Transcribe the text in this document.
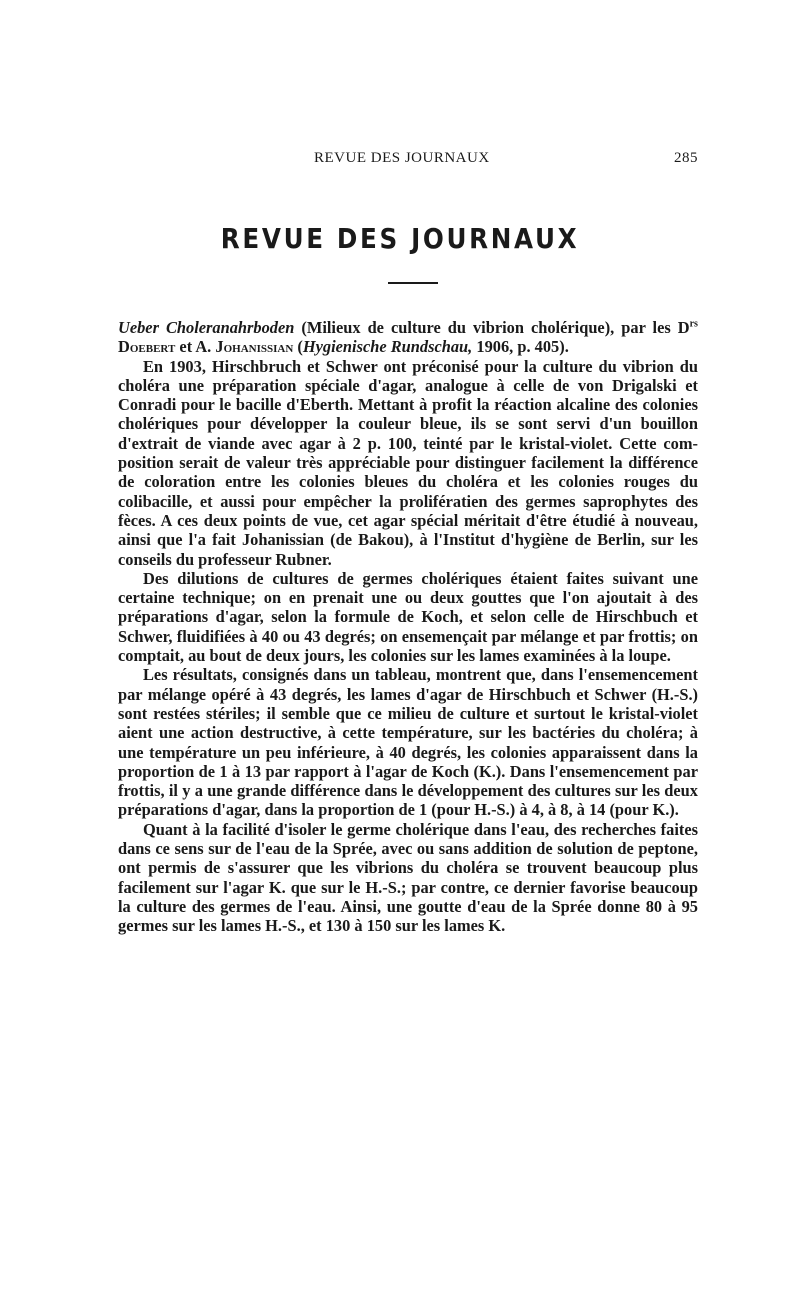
REVUE DES JOURNAUX	285
REVUE DES JOURNAUX

Ueber Choleranahrboden (Milieux de culture du vibrion cholérique), par les $D^{rs}$ Doebert et A. Johanissian (Hygienische Rundschau, 1906, p. 405).

En 1903, Hirschbruch et Schwer ont préconisé pour la culture du vibrion du choléra une préparation spéciale d'agar, analogue à celle de von Drigalski et Conradi pour le bacille d'Eberth. Mettant à profit la réaction alcaline des colonies cholériques pour développer la couleur bleue, ils se sont servi d'un bouillon d'extrait de viande avec agar à 2 p. 100, teinté par le kristal-violet. Cette composition serait de valeur très appréciable pour distinguer facilement la différence de coloration entre les colonies bleues du choléra et les colonies rouges du colibacille, et aussi pour empêcher la prolifératien des germes saprophytes des fèces. A ces deux points de vue, cet agar spécial méritait d'être étudié à nouveau, ainsi que l'a fait Johanissian (de Bakou), à l'Institut d'hygiène de Berlin, sur les conseils du professeur Rubner.

Des dilutions de cultures de germes cholériques étaient faites suivant une certaine technique; on en prenait une ou deux gouttes que l'on ajoutait à des préparations d'agar, selon la formule de Koch, et selon celle de Hirschbuch et Schwer, fluidifiées à 40 ou 43 degrés; on ensemençait par mélange et par frottis; on comptait, au bout de deux jours, les colonies sur les lames examinées à la loupe.

Les résultats, consignés dans un tableau, montrent que, dans l'ensemencement par mélange opéré à 43 degrés, les lames d'agar de Hirschbuch et Schwer (H.-S.) sont restées stériles; il semble que ce milieu de culture et surtout le kristal-violet aient une action destructive, à cette température, sur les bactéries du choléra; à une température un peu inférieure, à 40 degrés, les colonies apparaissent dans la proportion de 1 à 13 par rapport à l'agar de Koch (K.). Dans l'ensemencement par frottis, il y a une grande différence dans le développement des cultures sur les deux préparations d'agar, dans la proportion de 1 (pour H.-S.) à 4, à 8, à 14 (pour K.).

Quant à la facilité d'isoler le germe cholérique dans l'eau, des recherches faites dans ce sens sur de l'eau de la Sprée, avec ou sans addition de solution de peptone, ont permis de s'assurer que les vibrions du choléra se trouvent beaucoup plus facilement sur l'agar K. que sur le H.-S.; par contre, ce dernier favorise beaucoup la culture des germes de l'eau. Ainsi, une goutte d'eau de la Sprée donne 80 à 95 germes sur les lames H.-S., et 130 à 150 sur les lames K.
